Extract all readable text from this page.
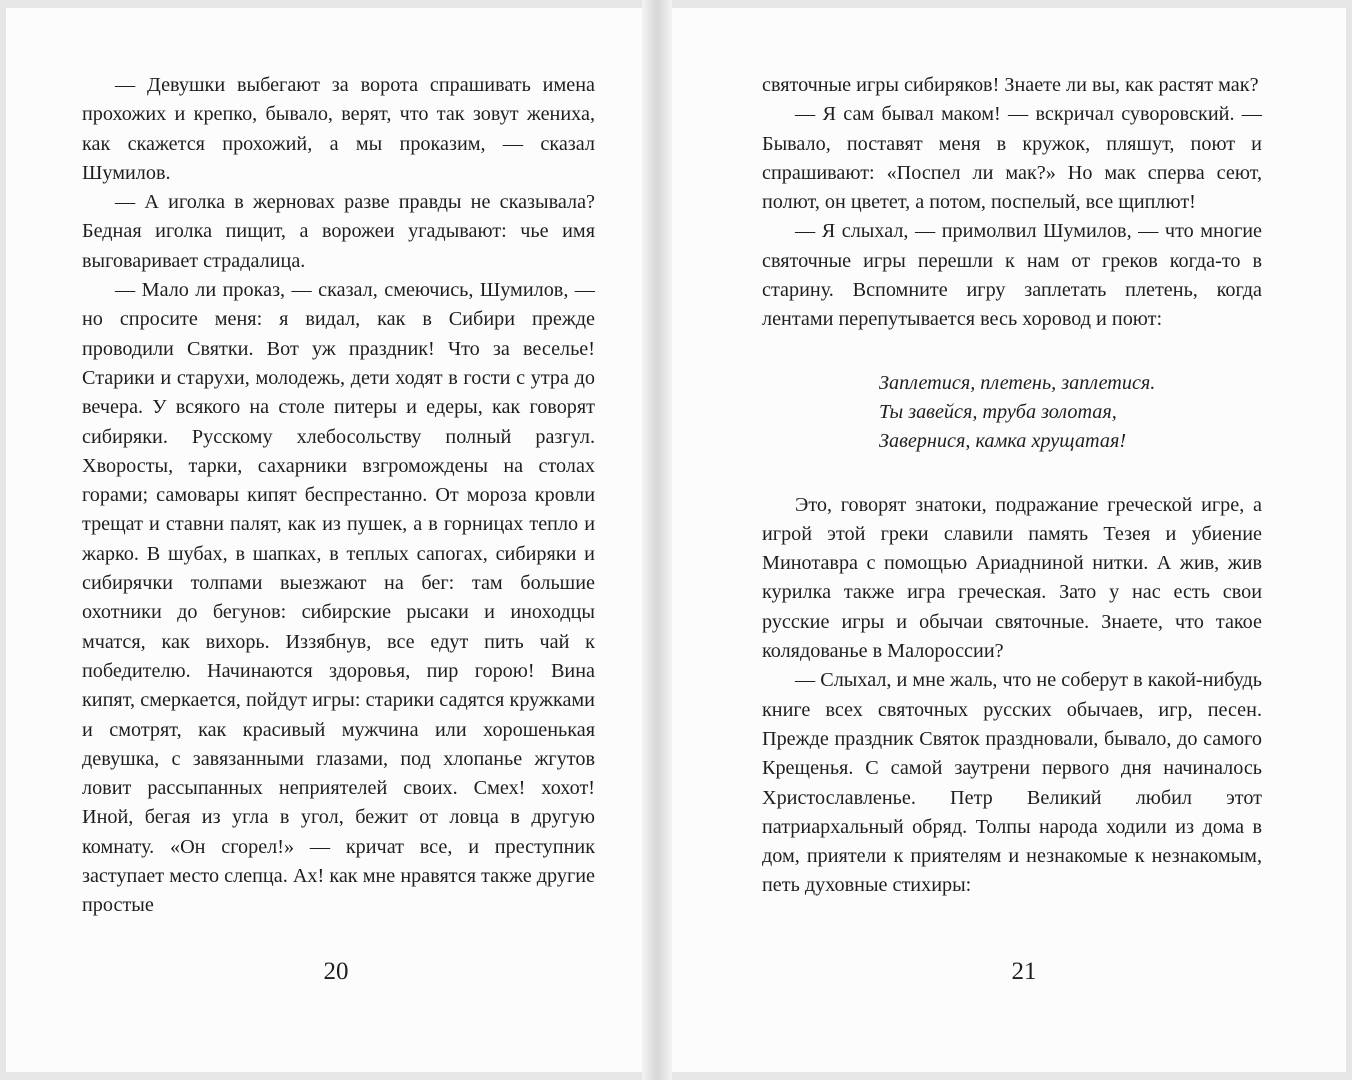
— Девушки выбегают за ворота спрашивать имена прохожих и крепко, бывало, верят, что так зовут жениха, как скажется прохожий, а мы проказим, — сказал Шумилов.

— А иголка в жерновах разве правды не сказывала? Бедная иголка пищит, а ворожеи угадывают: чье имя выговаривает страдалица.

— Мало ли проказ, — сказал, смеючись, Шумилов, — но спросите меня: я видал, как в Сибири прежде проводили Святки. Вот уж праздник! Что за веселье! Старики и старухи, молодежь, дети ходят в гости с утра до вечера. У всякого на столе питеры и едеры, как говорят сибиряки. Русскому хлебосольству полный разгул. Хворосты, тарки, сахарники взгромождены на столах горами; самовары кипят беспрестанно. От мороза кровли трещат и ставни палят, как из пушек, а в горницах тепло и жарко. В шубах, в шапках, в теплых сапогах, сибиряки и сибирячки толпами выезжают на бег: там большие охотники до бегунов: сибирские рысаки и иноходцы мчатся, как вихорь. Иззябнув, все едут пить чай к победителю. Начинаются здоровья, пир горою! Вина кипят, смеркается, пойдут игры: старики садятся кружками и смотрят, как красивый мужчина или хорошенькая девушка, с завязанными глазами, под хлопанье жгутов ловит рассыпанных неприятелей своих. Смех! хохот! Иной, бегая из угла в угол, бежит от ловца в другую комнату. «Он сгорел!» — кричат все, и преступник заступает место слепца. Ах! как мне нравятся также другие простые

20

святочные игры сибиряков! Знаете ли вы, как растят мак?

— Я сам бывал маком! — вскричал суворовский. — Бывало, поставят меня в кружок, пляшут, поют и спрашивают: «Поспел ли мак?» Но мак сперва сеют, полют, он цветет, а потом, поспелый, все щиплют!

— Я слыхал, — примолвил Шумилов, — что многие святочные игры перешли к нам от греков когда-то в старину. Вспомните игру заплетать плетень, когда лентами перепутывается весь хоровод и поют:

Заплетися, плетень, заплетися.
Ты завейся, труба золотая,
Завернися, камка хрущатая!

Это, говорят знатоки, подражание греческой игре, а игрой этой греки славили память Тезея и убиение Минотавра с помощью Ариадниной нитки. А жив, жив курилка также игра греческая. Зато у нас есть свои русские игры и обычаи святочные. Знаете, что такое колядованье в Малороссии?

— Слыхал, и мне жаль, что не соберут в какой-нибудь книге всех святочных русских обычаев, игр, песен. Прежде праздник Святок праздновали, бывало, до самого Крещенья. С самой заутрени первого дня начиналось Христославленье. Петр Великий любил этот патриархальный обряд. Толпы народа ходили из дома в дом, приятели к приятелям и незнакомые к незнакомым, петь духовные стихиры:

21
